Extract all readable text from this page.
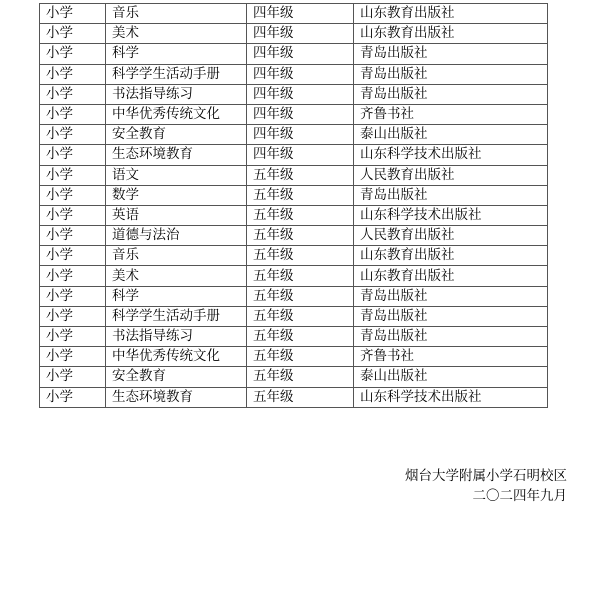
小学	音乐	四年级	山东教育出版社
小学	美术	四年级	山东教育出版社
小学	科学	四年级	青岛出版社
小学	科学学生活动手册	四年级	青岛出版社
小学	书法指导练习	四年级	青岛出版社
小学	中华优秀传统文化	四年级	齐鲁书社
小学	安全教育	四年级	泰山出版社
小学	生态环境教育	四年级	山东科学技术出版社
小学	语文	五年级	人民教育出版社
小学	数学	五年级	青岛出版社
小学	英语	五年级	山东科学技术出版社
小学	道德与法治	五年级	人民教育出版社
小学	音乐	五年级	山东教育出版社
小学	美术	五年级	山东教育出版社
小学	科学	五年级	青岛出版社
小学	科学学生活动手册	五年级	青岛出版社
小学	书法指导练习	五年级	青岛出版社
小学	中华优秀传统文化	五年级	齐鲁书社
小学	安全教育	五年级	泰山出版社
小学	生态环境教育	五年级	山东科学技术出版社
烟台大学附属小学石明校区
二〇二四年九月
